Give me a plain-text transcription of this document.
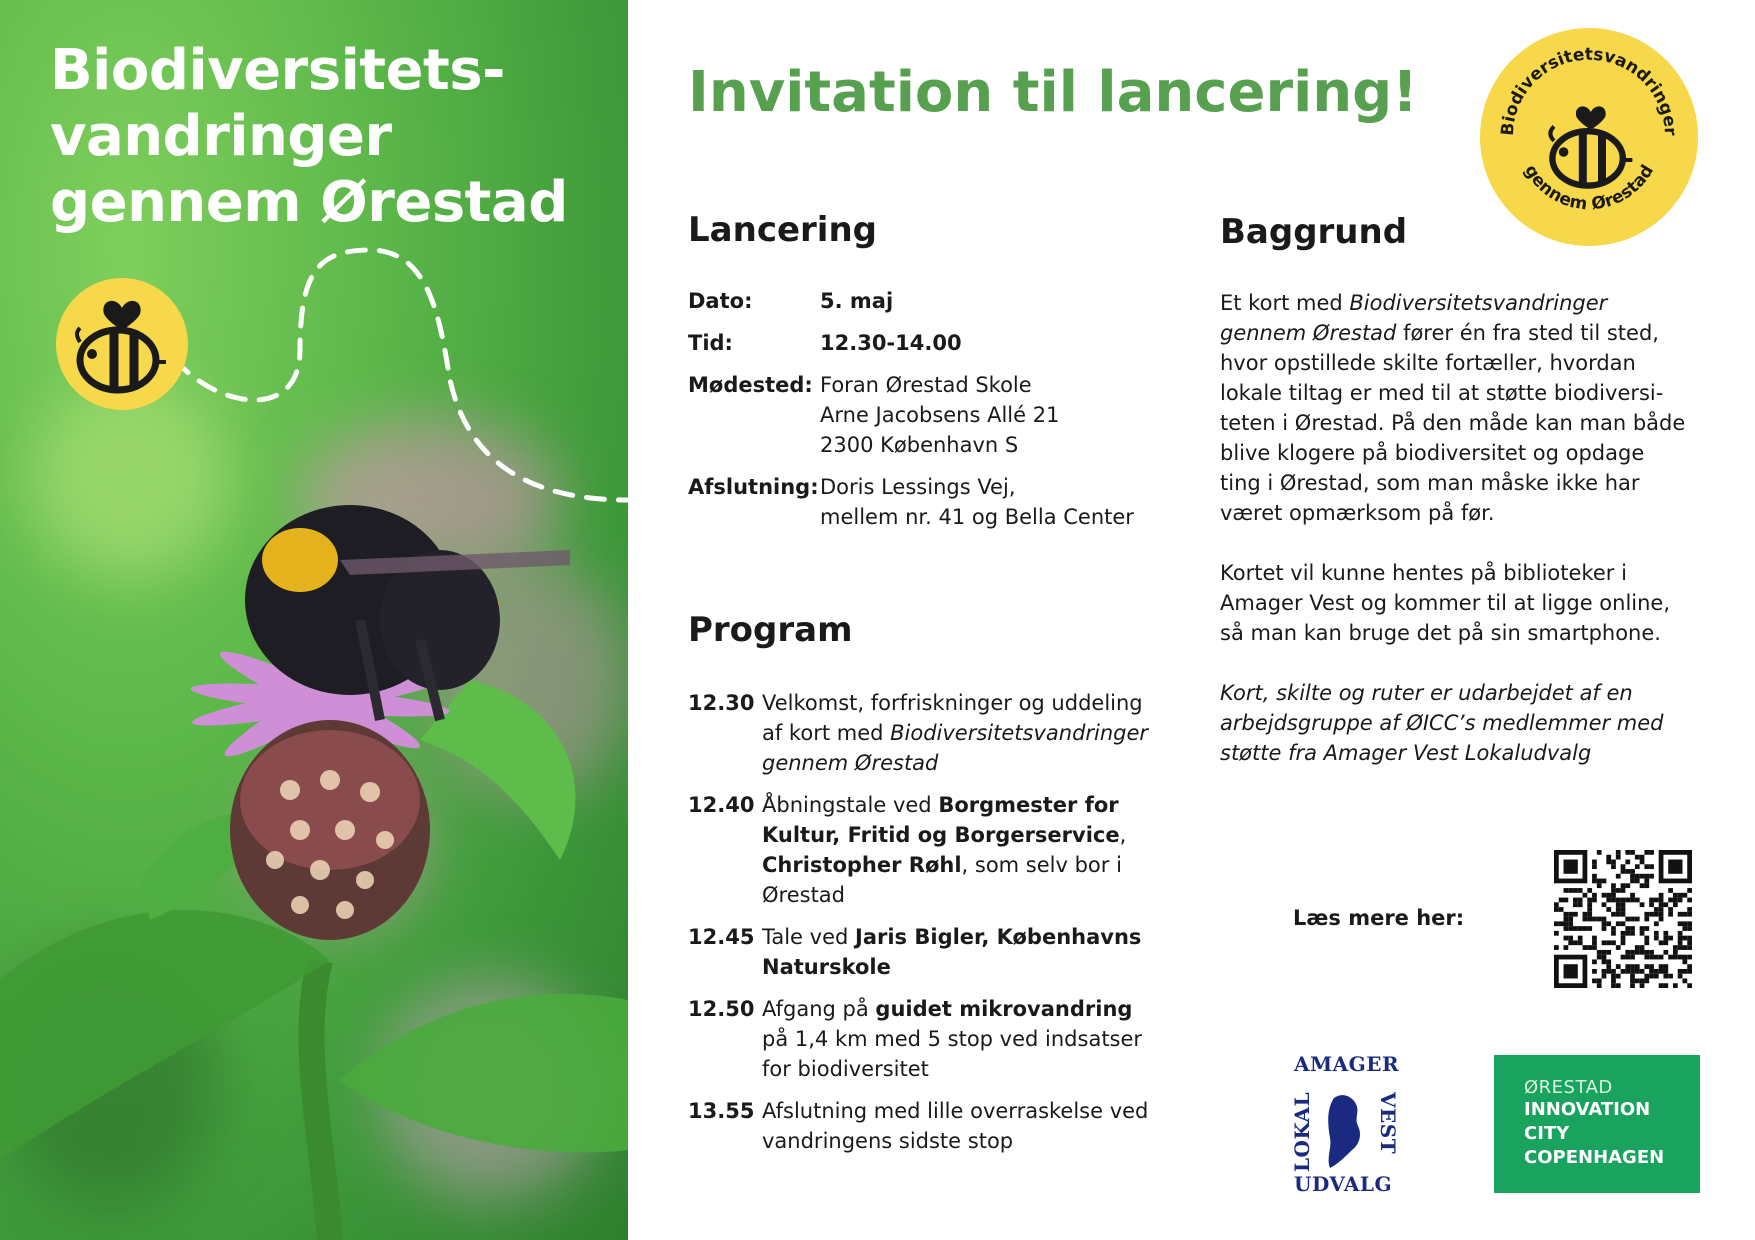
Biodiversitets-
vandringer
gennem Ørestad
Invitation til lancering!
Biodiversitetsvandringer
gennem Ørestad
Lancering
Dato:	5. maj
Tid:	12.30-14.00
Mødested: Foran Ørestad Skole
Arne Jacobsens Allé 21
2300 København S
Afslutning: Doris Lessings Vej,
mellem nr. 41 og Bella Center
Program
12.30 Velkomst, forfriskninger og uddeling af kort med Biodiversitetsvandringer gennem Ørestad
12.40 Åbningstale ved Borgmester for Kultur, Fritid og Borgerservice, Christopher Røhl, som selv bor i Ørestad
12.45 Tale ved Jaris Bigler, Københavns Naturskole
12.50 Afgang på guidet mikrovandring på 1,4 km med 5 stop ved indsatser for biodiversitet
13.55 Afslutning med lille overraskelse ved vandringens sidste stop
Baggrund

Et kort med Biodiversitetsvandringer gennem Ørestad fører én fra sted til sted, hvor opstillede skilte fortæller, hvordan lokale tiltag er med til at støtte biodiversiteten i Ørestad. På den måde kan man både blive klogere på biodiversitet og opdage ting i Ørestad, som man måske ikke har været opmærksom på før.

Kortet vil kunne hentes på biblioteker i Amager Vest og kommer til at ligge online, så man kan bruge det på sin smartphone.

Kort, skilte og ruter er udarbejdet af en arbejdsgruppe af ØICC’s medlemmer med støtte fra Amager Vest Lokaludvalg

Læs mere her:
AMAGER
VEST
LOKAL
UDVALG
ØRESTAD
INNOVATION
CITY
COPENHAGEN
